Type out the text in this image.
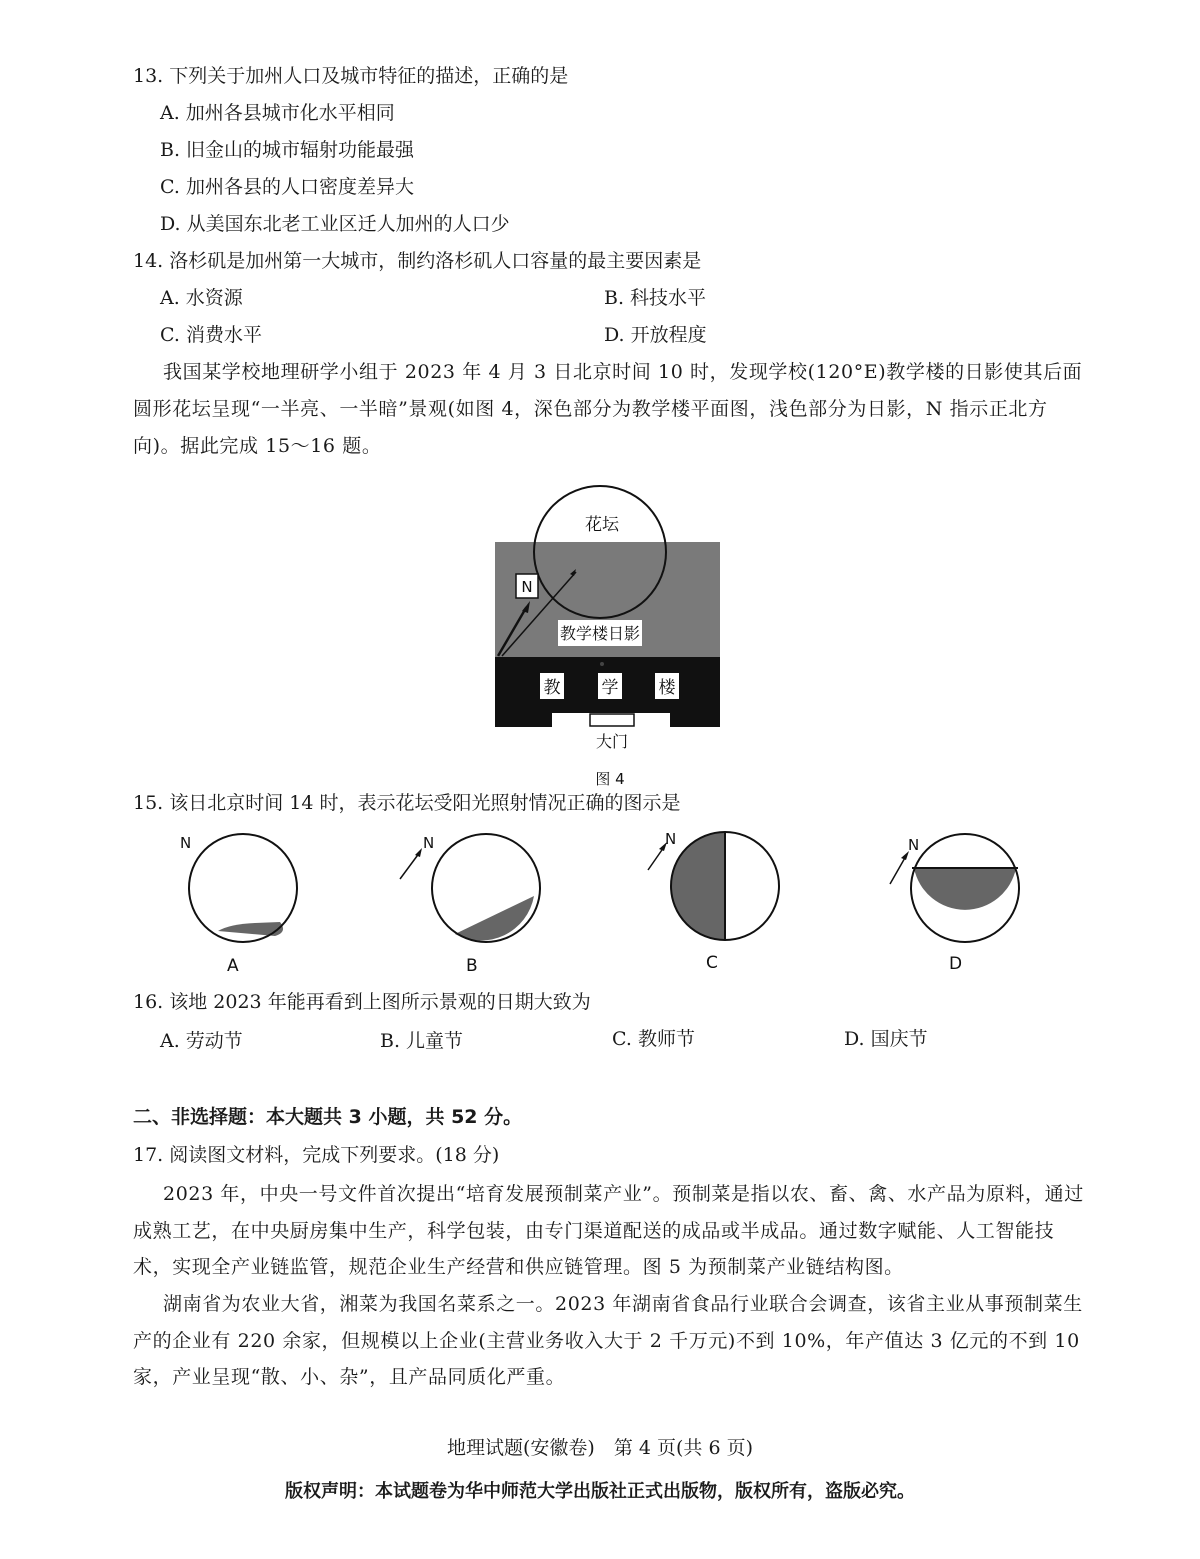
13. 下列关于加州人口及城市特征的描述，正确的是
A. 加州各县城市化水平相同
B. 旧金山的城市辐射功能最强
C. 加州各县的人口密度差异大
D. 从美国东北老工业区迁人加州的人口少
14. 洛杉矶是加州第一大城市，制约洛杉矶人口容量的最主要因素是
A. 水资源	B. 科技水平
C. 消费水平	D. 开放程度
我国某学校地理研学小组于 2023 年 4 月 3 日北京时间 10 时，发现学校(120°E)教学楼的日影使其后面圆形花坛呈现“一半亮、一半暗”景观(如图 4，深色部分为教学楼平面图，浅色部分为日影，N 指示正北方向)。据此完成 15～16 题。
N
花坛
教学楼日影
教 学 楼
大门
图 4
15. 该日北京时间 14 时，表示花坛受阳光照射情况正确的图示是
N
A
N
B
N
C
N
D
16. 该地 2023 年能再看到上图所示景观的日期大致为
A. 劳动节	B. 儿童节	C. 教师节	D. 国庆节
二、非选择题：本大题共 3 小题，共 52 分。
17. 阅读图文材料，完成下列要求。(18 分)
2023 年，中央一号文件首次提出“培育发展预制菜产业”。预制菜是指以农、畜、禽、水产品为原料，通过成熟工艺，在中央厨房集中生产，科学包装，由专门渠道配送的成品或半成品。通过数字赋能、人工智能技术，实现全产业链监管，规范企业生产经营和供应链管理。图 5 为预制菜产业链结构图。
湖南省为农业大省，湘菜为我国名菜系之一。2023 年湖南省食品行业联合会调查，该省主业从事预制菜生产的企业有 220 余家，但规模以上企业(主营业务收入大于 2 千万元)不到 10%，年产值达 3 亿元的不到 10 家，产业呈现“散、小、杂”，且产品同质化严重。
地理试题(安徽卷)　第 4 页(共 6 页)
版权声明：本试题卷为华中师范大学出版社正式出版物，版权所有，盗版必究。
